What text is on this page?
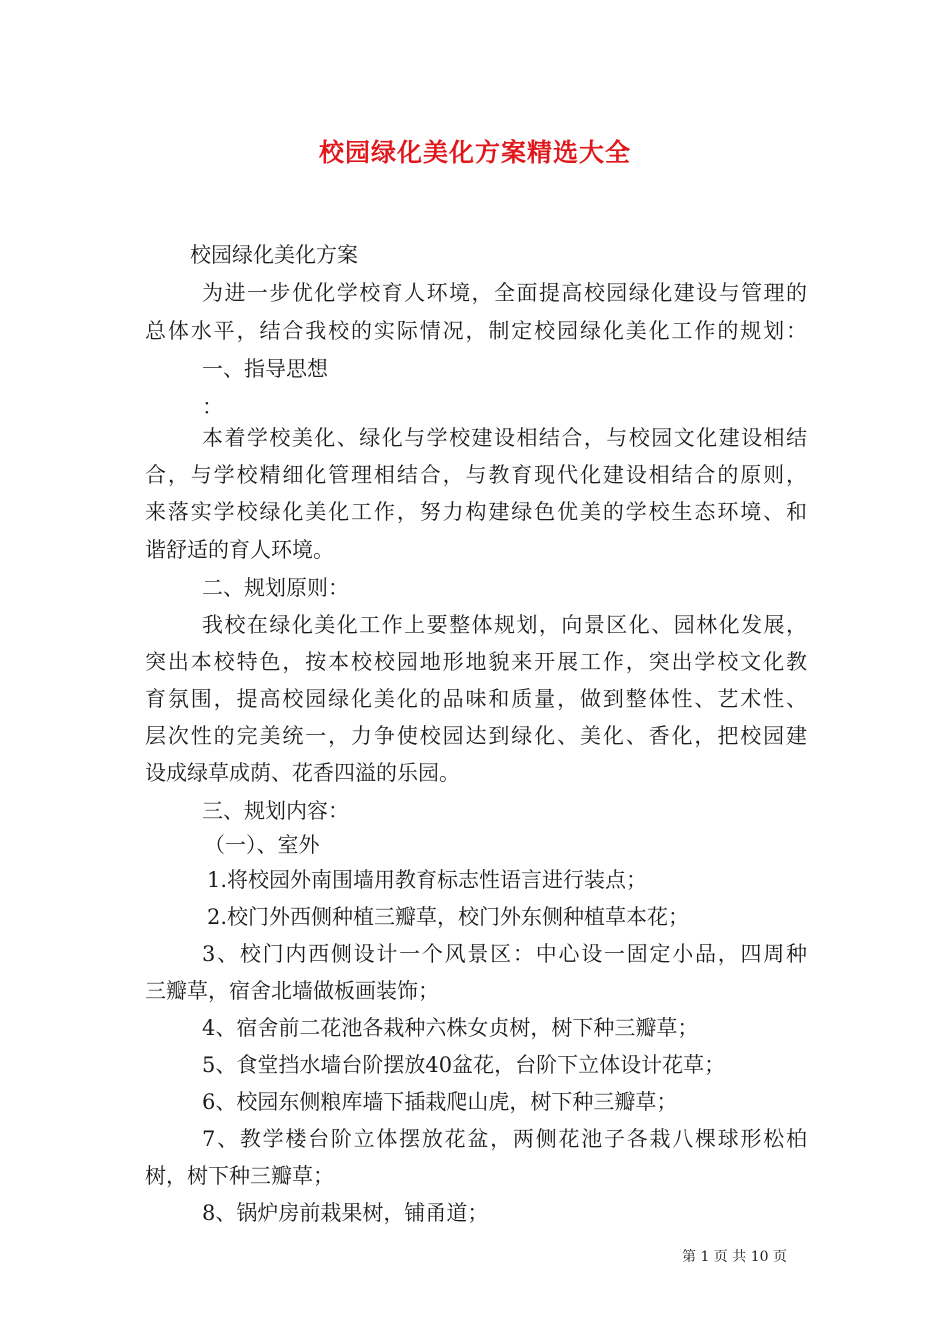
校园绿化美化方案精选大全
校园绿化美化方案
为进一步优化学校育人环境，全面提高校园绿化建设与管理的
总体水平，结合我校的实际情况，制定校园绿化美化工作的规划：
一、指导思想
：
本着学校美化、绿化与学校建设相结合，与校园文化建设相结
合，与学校精细化管理相结合，与教育现代化建设相结合的原则，
来落实学校绿化美化工作，努力构建绿色优美的学校生态环境、和
谐舒适的育人环境。
二、规划原则：
我校在绿化美化工作上要整体规划，向景区化、园林化发展，
突出本校特色，按本校校园地形地貌来开展工作，突出学校文化教
育氛围，提高校园绿化美化的品味和质量，做到整体性、艺术性、
层次性的完美统一，力争使校园达到绿化、美化、香化，把校园建
设成绿草成荫、花香四溢的乐园。
三、规划内容：
（一）、室外
1.将校园外南围墙用教育标志性语言进行装点；
2.校门外西侧种植三瓣草，校门外东侧种植草本花；
3、校门内西侧设计一个风景区：中心设一固定小品，四周种
三瓣草，宿舍北墙做板画装饰；
4、宿舍前二花池各栽种六株女贞树，树下种三瓣草；
5、食堂挡水墙台阶摆放40盆花，台阶下立体设计花草；
6、校园东侧粮库墙下插栽爬山虎，树下种三瓣草；
7、教学楼台阶立体摆放花盆，两侧花池子各栽八棵球形松柏
树，树下种三瓣草；
8、锅炉房前栽果树，铺甬道；
第 1 页 共 10 页
